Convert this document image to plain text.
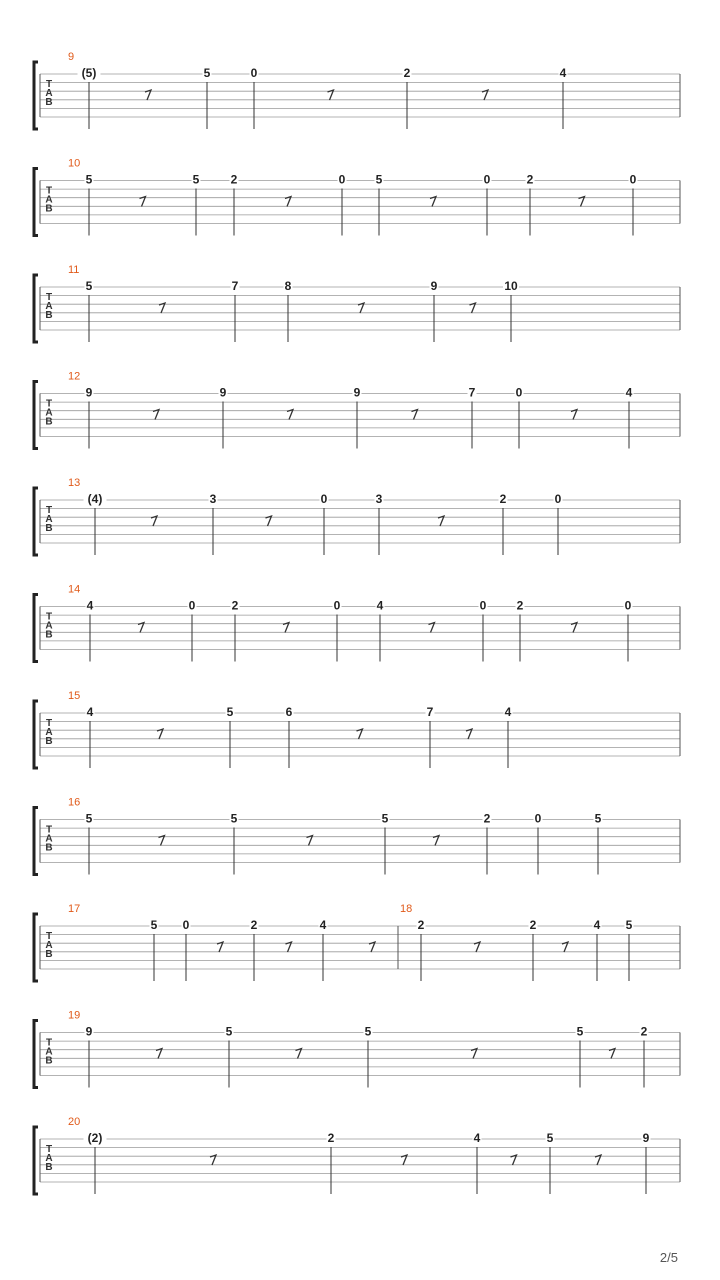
T
A
B
9
(5)	5	0	2	4
T
A
B
10
5	5	2	0	5	0	2	0
T
A
B
11
5	7	8	9	10
T
A
B
12
9	9	9	7	0	4
T
A
B
13
(4)	3	0	3	2	0
T
A
B
14
4	0	2	0	4	0	2	0
T
A
B
15
4	5	6	7	4
T
A
B
16
5	5	5	2	0	5
T
A
B
17	18
5 0	2	4	2	2	4 5
T
A
B
19
9	5	5	5	2
T
A
B
20
(2)	2	4	5	9
2/5
